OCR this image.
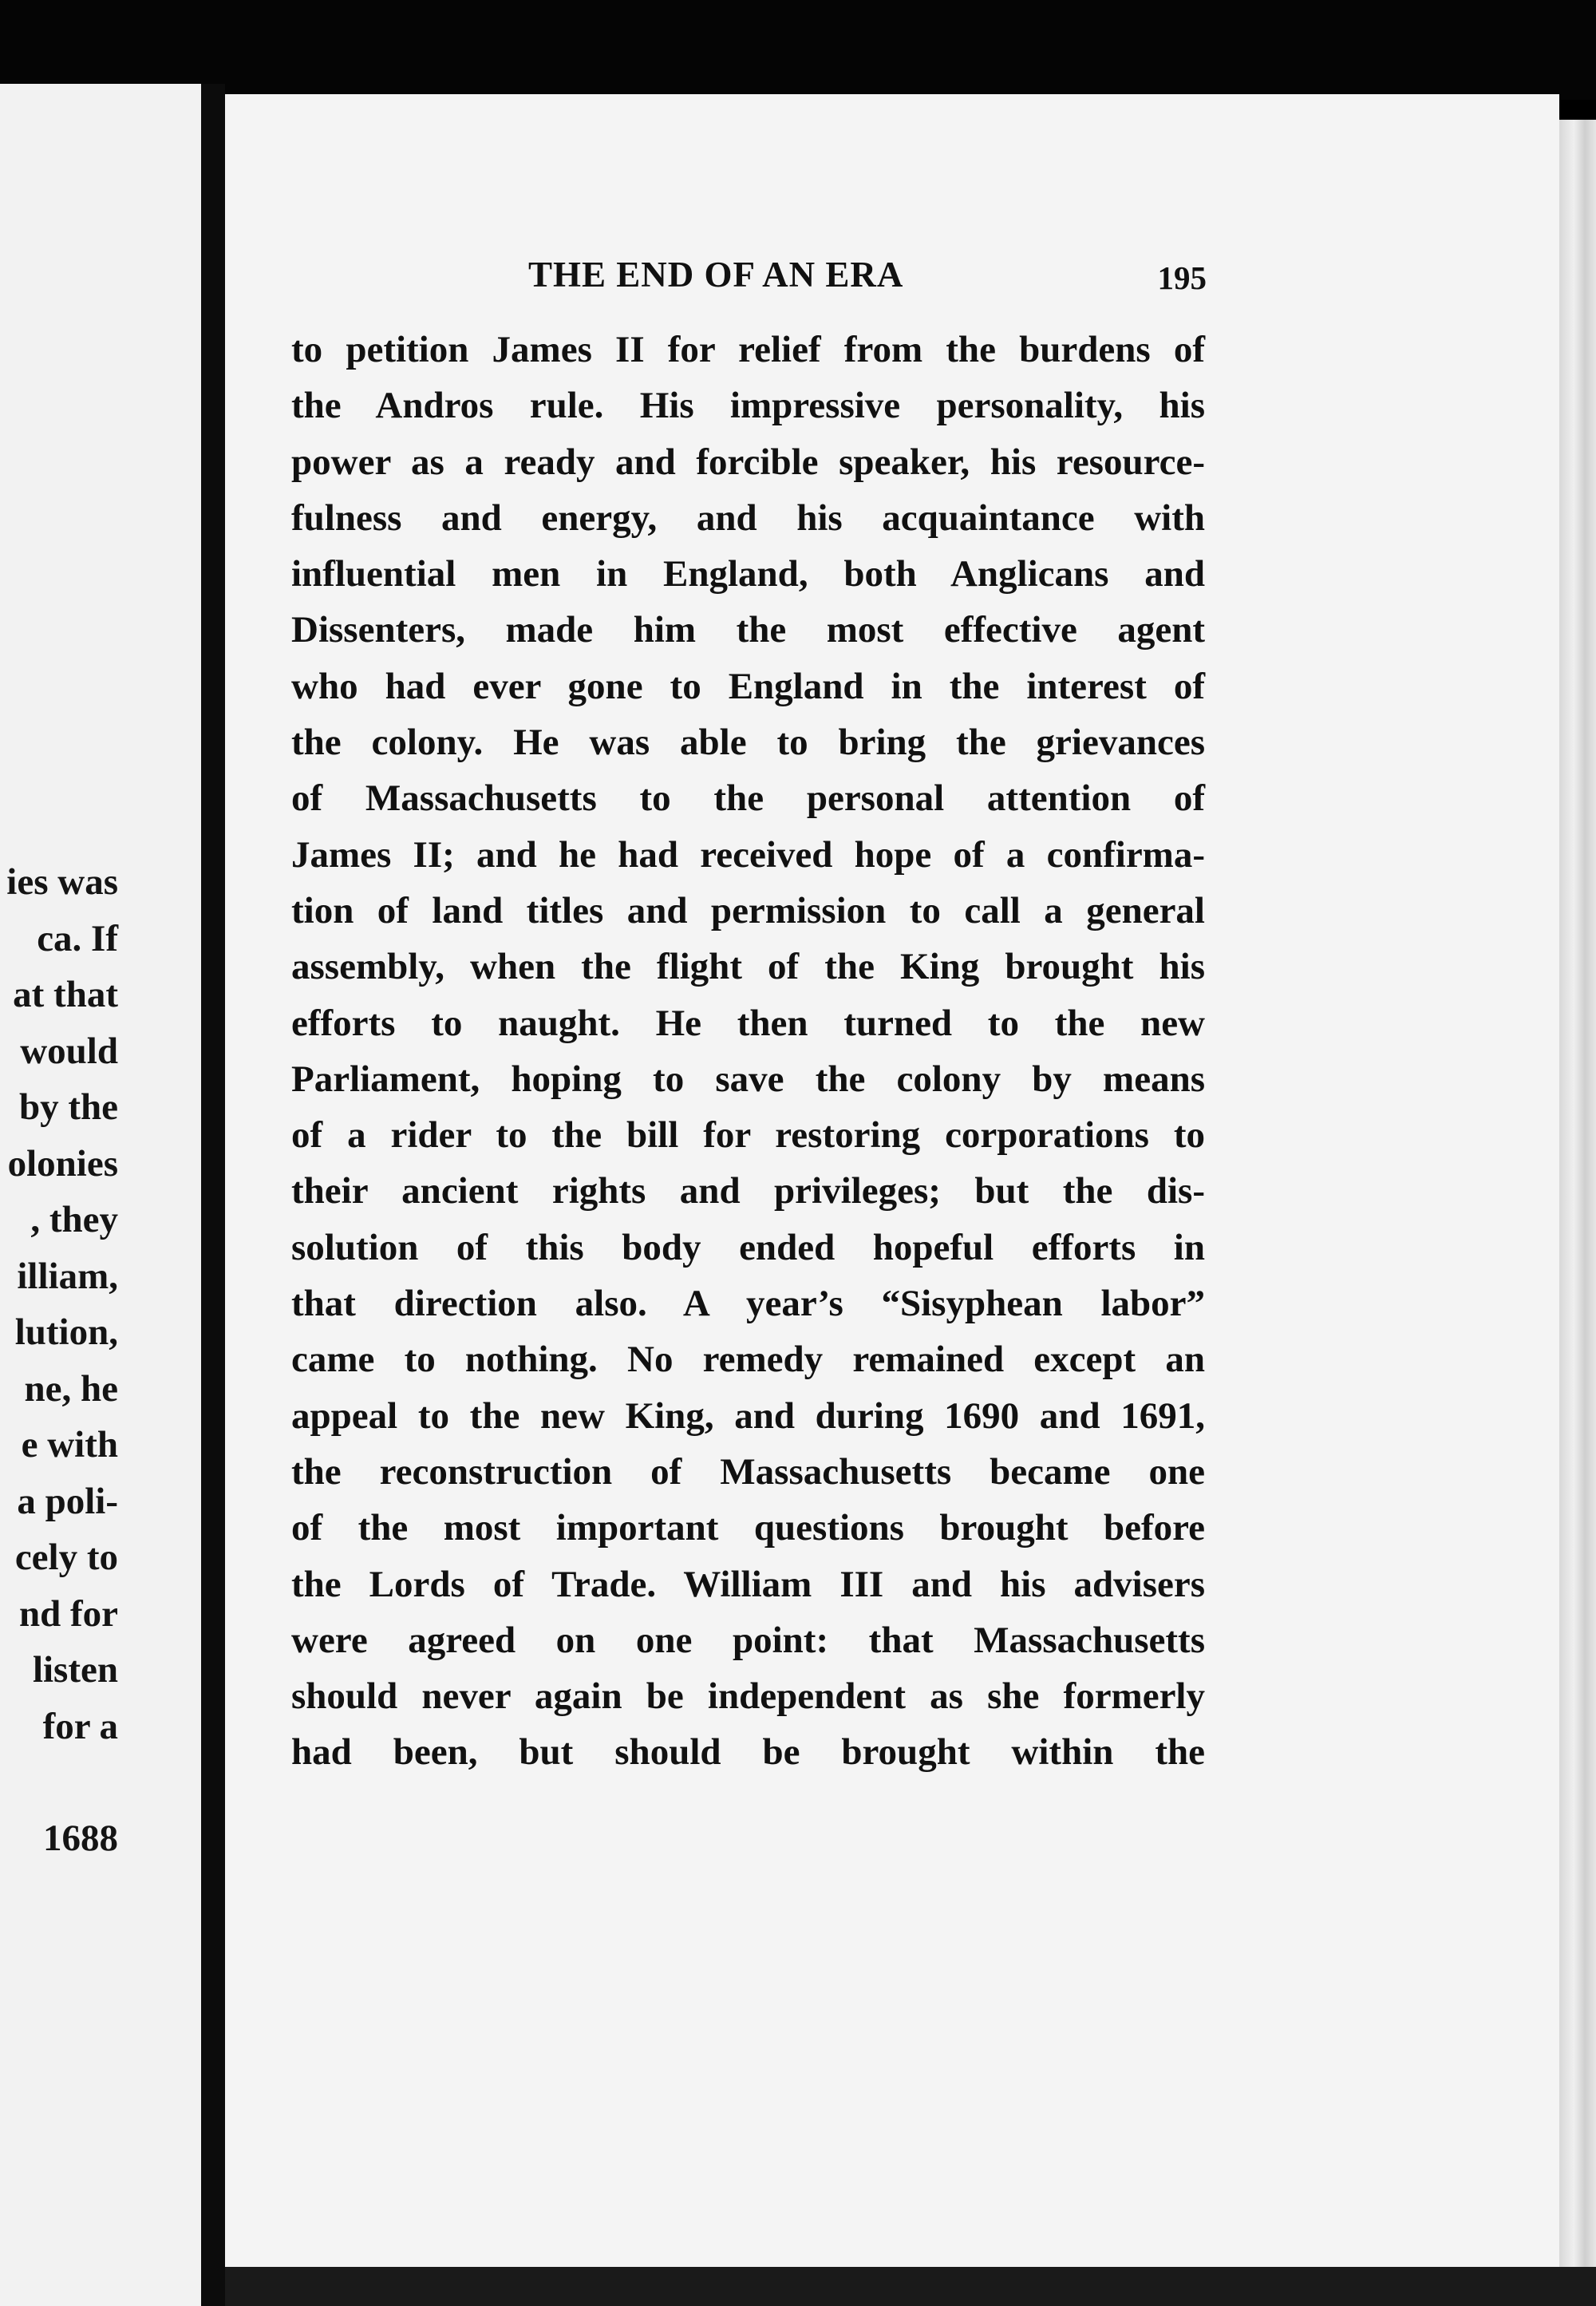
ies was
ca. If
at that
would
by the
olonies
, they
illiam,
lution,
ne, he
e with
a poli-
cely to
nd for
listen
for a
1688
THE END OF AN ERA	195
to petition James II for relief from the burdens of
the Andros rule. His impressive personality, his
power as a ready and forcible speaker, his resource-
fulness and energy, and his acquaintance with
influential men in England, both Anglicans and
Dissenters, made him the most effective agent
who had ever gone to England in the interest of
the colony. He was able to bring the grievances
of Massachusetts to the personal attention of
James II; and he had received hope of a confirma-
tion of land titles and permission to call a general
assembly, when the flight of the King brought his
efforts to naught. He then turned to the new
Parliament, hoping to save the colony by means
of a rider to the bill for restoring corporations to
their ancient rights and privileges; but the dis-
solution of this body ended hopeful efforts in
that direction also. A year’s “Sisyphean labor”
came to nothing. No remedy remained except an
appeal to the new King, and during 1690 and 1691,
the reconstruction of Massachusetts became one
of the most important questions brought before
the Lords of Trade. William III and his advisers
were agreed on one point: that Massachusetts
should never again be independent as she formerly
had been, but should be brought within the
